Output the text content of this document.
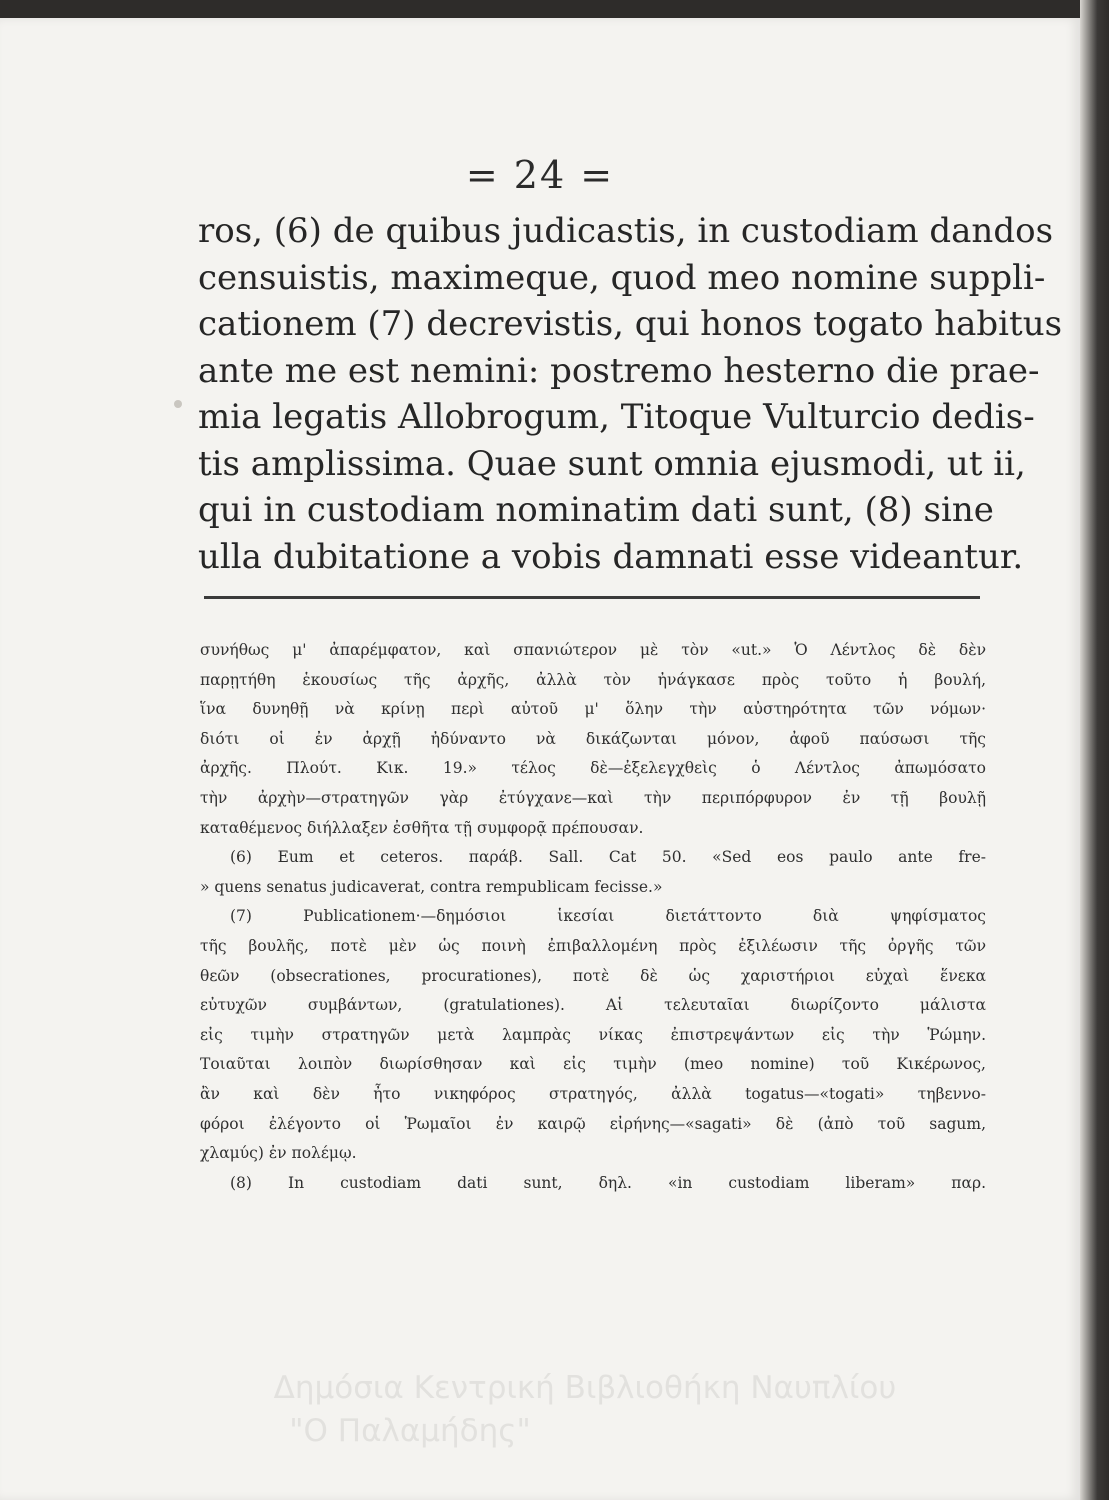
= 24 =
ros, (6) de quibus judicastis, in custodiam dandos
censuistis, maximeque, quod meo nomine suppli-
cationem (7) decrevistis, qui honos togato habitus
ante me est nemini: postremo hesterno die prae-
mia legatis Allobrogum, Titoque Vulturcio dedis-
tis amplissima. Quae sunt omnia ejusmodi, ut ii,
qui in custodiam nominatim dati sunt, (8) sine
ulla dubitatione a vobis damnati esse videantur.
συνήθως μ' ἀπαρέμφατον, καὶ σπανιώτερον μὲ τὸν «ut.» Ὁ Λέντλος δὲ δὲν
παρῃτήθη ἑκουσίως τῆς ἀρχῆς, ἀλλὰ τὸν ἠνάγκασε πρὸς τοῦτο ἡ βουλή,
ἵνα δυνηθῇ νὰ κρίνῃ περὶ αὐτοῦ μ' ὅλην τὴν αὐστηρότητα τῶν νόμων·
διότι οἱ ἐν ἀρχῇ ἠδύναντο νὰ δικάζωνται μόνον, ἀφοῦ παύσωσι τῆς
ἀρχῆς. Πλούτ. Κικ. 19.» τέλος δὲ—ἐξελεγχθεὶς ὁ Λέντλος ἀπωμόσατο
τὴν ἀρχὴν—στρατηγῶν γὰρ ἐτύγχανε—καὶ τὴν περιπόρφυρον ἐν τῇ βουλῇ
καταθέμενος διήλλαξεν ἐσθῆτα τῇ συμφορᾷ πρέπουσαν.
(6) Eum et ceteros. παράβ. Sall. Cat 50. «Sed eos paulo ante fre-
» quens senatus judicaverat, contra rempublicam fecisse.»
(7) Publicationem·—δημόσιοι ἱκεσίαι διετάττοντο διὰ ψηφίσματος
τῆς βουλῆς, ποτὲ μὲν ὡς ποινὴ ἐπιβαλλομένη πρὸς ἐξιλέωσιν τῆς ὀργῆς τῶν
θεῶν (obsecrationes, procurationes), ποτὲ δὲ ὡς χαριστήριοι εὐχαὶ ἕνεκα
εὐτυχῶν συμβάντων, (gratulationes). Αἱ τελευταῖαι διωρίζοντο μάλιστα
εἰς τιμὴν στρατηγῶν μετὰ λαμπρὰς νίκας ἐπιστρεψάντων εἰς τὴν Ῥώμην.
Τοιαῦται λοιπὸν διωρίσθησαν καὶ εἰς τιμὴν (meo nomine) τοῦ Κικέρωνος,
ἂν καὶ δὲν ἦτο νικηφόρος στρατηγός, ἀλλὰ togatus—«togati» τηβεννο-
φόροι ἐλέγοντο οἱ Ῥωμαῖοι ἐν καιρῷ εἰρήνης—«sagati» δὲ (ἀπὸ τοῦ sagum,
χλαμύς) ἐν πολέμῳ.
(8) In custodiam dati sunt, δηλ. «in custodiam liberam» παρ.
Δημόσια Κεντρική Βιβλιοθήκη Ναυπλίου
"Ο Παλαμήδης"
